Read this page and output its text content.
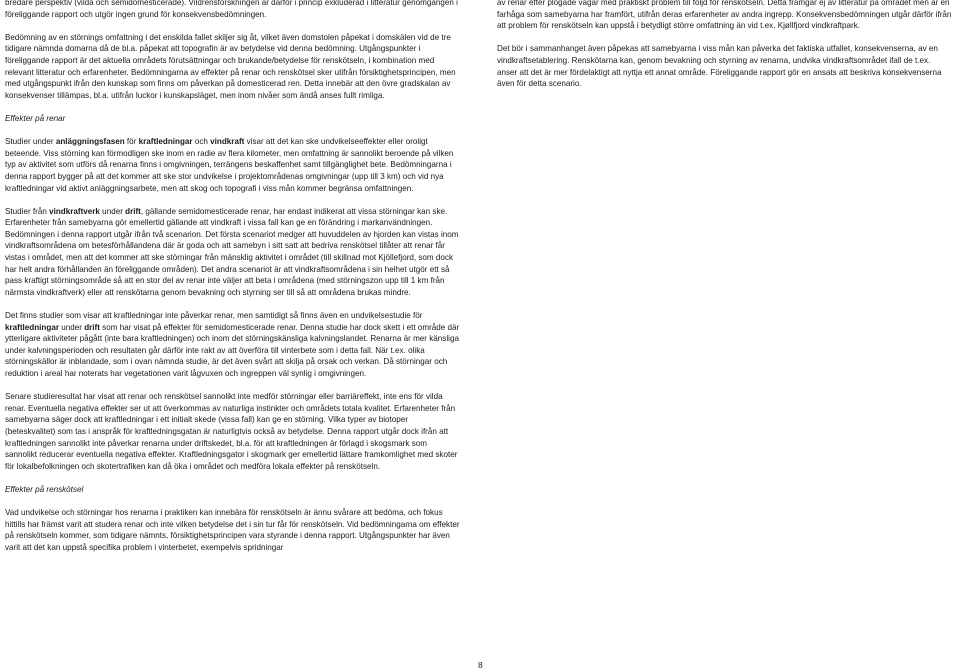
bredare perspektiv (vilda och semidomesticerade). Vildrensforskningen är därför i princip exkluderad i litteratur genomgången i föreliggande rapport och utgör ingen grund för konsekvensbedömningen.

Bedömning av en störnings omfattning i det enskilda fallet skiljer sig åt, vilket även domstolen påpekat i domskälen vid de tre tidigare nämnda domarna då de bl.a. påpekat att topografin är av betydelse vid denna bedömning. Utgångspunkter i föreliggande rapport är det aktuella områdets förutsättningar och brukande/betydelse för renskötseln, i kombination med relevant litteratur och erfarenheter. Bedömningarna av effekter på renar och renskötsel sker utifrån försiktighetsprincipen, men med utgångspunkt ifrån den kunskap som finns om påverkan på domesticerad ren. Detta innebär att den övre gradskalan av konsekvenser tillämpas, bl.a. utifrån luckor i kunskapsläget, men inom nivåer som ändå anses fullt rimliga.

Effekter på renar

Studier under anläggningsfasen för kraftledningar och vindkraft visar att det kan ske undvikelseeffekter eller oroligt beteende. Viss störning kan förmodligen ske inom en radie av flera kilometer, men omfattning är sannolikt beroende på vilken typ av aktivitet som utförs då renarna finns i omgivningen, terrängens beskaffenhet samt tillgänglighet bete. Bedömningarna i denna rapport bygger på att det kommer att ske stor undvikelse i projektområdenas omgivningar (upp till 3 km) och vid nya kraftledningar vid aktivt anläggningsarbete, men att skog och topografi i viss mån kommer begränsa omfattningen.

Studier från vindkraftverk under drift, gällande semidomesticerade renar, har endast indikerat att vissa störningar kan ske. Erfarenheter från samebyarna gör emellertid gällande att vindkraft i vissa fall kan ge en förändring i markanvändningen. Bedömningen i denna rapport utgår ifrån två scenarion. Det första scenariot medger att huvuddelen av hjorden kan vistas inom vindkraftsområdena om betesförhållandena där är goda och att samebyn i sitt satt att bedriva renskötsel tillåter att renar får vistas i området, men att det kommer att ske störningar från mänsklig aktivitet i området (till skillnad mot Kjöllefjord, som dock har helt andra förhållanden än föreliggande områden). Det andra scenariot är att vindkraftsområdena i sin helhet utgör ett så pass kraftigt störningsområde så att en stor del av renar inte väljer att beta i områdena (med störningszon upp till 1 km från närmsta vindkraftverk) eller att renskötarna genom bevakning och styrning ser till så att områdena brukas mindre.

Det finns studier som visar att kraftledningar inte påverkar renar, men samtidigt så finns även en undvikelsestudie för kraftledningar under drift som har visat på effekter för semidomesticerade renar. Denna studie har dock skett i ett område där ytterligare aktiviteter pågått (inte bara kraftledningen) och inom det störningskänsliga kalvningslandet. Renarna är mer känsliga under kalvningsperioden och resultaten går därför inte rakt av att överföra till vinterbete som i detta fall. När t.ex. olika störningskällor är inblandade, som i ovan nämnda studie, är det även svårt att skilja på orsak och verkan. Då störningar och reduktion i areal har noterats har vegetationen varit lågvuxen och ingreppen väl synlig i omgivningen.

Senare studieresultat har visat att renar och renskötsel sannolikt inte medför störningar eller barriäreffekt, inte ens för vilda renar. Eventuella negativa effekter ser ut att överkommas av naturliga instinkter och områdets totala kvalitet. Erfarenheter från samebyarna säger dock att kraftledningar i ett initialt skede (vissa fall) kan ge en störning. Vilka typer av biotoper (beteskvalitet) som tas i anspråk för kraftledningsgatan är naturligtvis också av betydelse. Denna rapport utgår dock ifrån att kraftledningen sannolikt inte påverkar renarna under driftskedet, bl.a. för att kraftledningen är förlagd i skogsmark som sannolikt reducerar eventuella negativa effekter. Kraftledningsgator i skogmark ger emellertid lättare framkomlighet med skoter för lokalbefolkningen och skotertrafiken kan då öka i området och medföra lokala effekter på renskötseln.

Effekter på renskötsel

Vad undvikelse och störningar hos renarna i praktiken kan innebära för renskötseln är ännu svårare att bedöma, och fokus hittills har främst varit att studera renar och inte vilken betydelse det i sin tur får för renskötseln. Vid bedömningarna om effekter på renskötseln kommer, som tidigare nämnts, försiktighetsprincipen vara styrande i denna rapport. Utgångspunkter har även varit att det kan uppstå specifika problem i vinterbetet, exempelvis spridningar

av renar efter plogade vägar med praktiskt problem till följd för renskötseln. Detta framgår ej av litteratur på området men är en farhåga som samebyarna har framfört, utifrån deras erfarenheter av andra ingrepp. Konsekvensbedömningen utgår därför ifrån att problem för renskötseln kan uppstå i betydligt större omfattning än vid t.ex. Kjøllfjord vindkraftpark.

Det bör i sammanhanget även påpekas att samebyarna i viss mån kan påverka det faktiska utfallet, konsekvenserna, av en vindkraftsetablering. Renskötarna kan, genom bevakning och styrning av renarna, undvika vindkraftsområdet ifall de t.ex. anser att det är mer fördelaktigt att nyttja ett annat område. Föreliggande rapport gör en ansats att beskriva konsekvenserna även för detta scenario.

8
